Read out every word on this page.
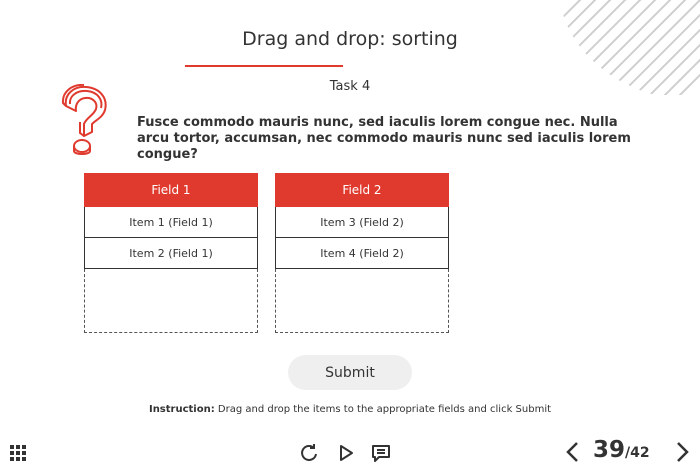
Drag and drop: sorting
Task 4
Fusce commodo mauris nunc, sed iaculis lorem congue nec. Nulla arcu tortor, accumsan, nec commodo mauris nunc sed iaculis lorem congue?
Field 1
Item 1 (Field 1)
Item 2 (Field 1)
Field 2
Item 3 (Field 2)
Item 4 (Field 2)
Submit
Instruction: Drag and drop the items to the appropriate fields and click Submit
39 /42
